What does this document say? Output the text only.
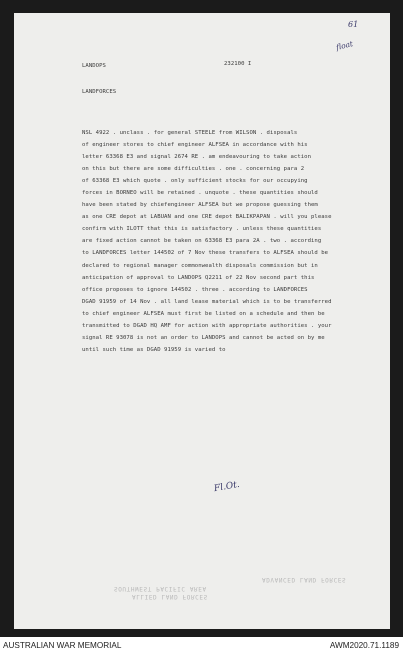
LANDOPS	232100 I
LANDFORCES
61
float
NSL 4922 . unclass . for general STEELE from WILSON . disposals
of engineer stores to chief engineer ALFSEA in accordance with his
letter 63368 E3 and signal 2674 RE . am endeavouring to take action
on this but there are some difficulties . one . concerning para 2
of 63368 E3 which quote . only sufficient stocks for our occupying
forces in BORNEO will be retained . unquote . these quantities should
have been stated by chiefengineer ALFSEA but we propose guessing them
as one CRE depot at LABUAN and one CRE depot BALIKPAPAN . will you please
confirm with ILOTT that this is satisfactory . unless these quantities
are fixed action cannot be taken on 63368 E3 para 2A . two . according
to LANDFORCES letter 144502 of 7 Nov these transfers to ALFSEA should be
declared to regional manager commonwealth disposals commission but in
anticipation of approval to LANDOPS Q2211 of 22 Nov second part this
office proposes to ignore 144502 . three . according to LANDFORCES
DGAD 91959 of 14 Nov . all land lease material which is to be transferred
to chief engineer ALFSEA must first be listed on a schedule and then be
transmitted to DGAD HQ AMF for action with appropriate authorities . your
signal RE 93078 is not an order to LANDOPS and cannot be acted on by me
until such time as DGAD 91959 is varied to
Fl.Ot.
ADVANCED LAND FORCES
SOUTHWEST PACIFIC AREA
ALLIED LAND FORCES
AUSTRALIAN WAR MEMORIAL	AWM2020.71.1189
